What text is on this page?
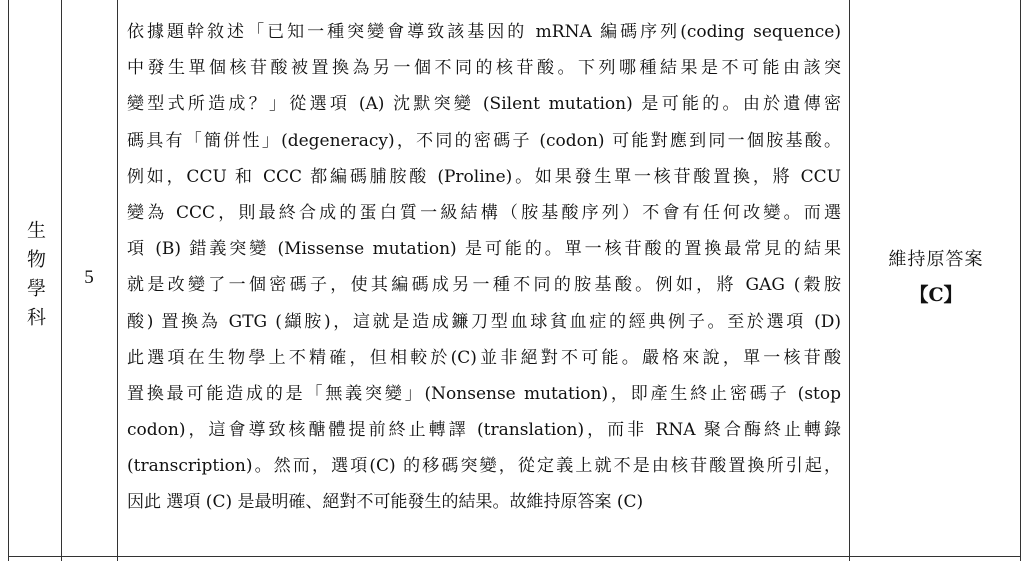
生物學科 5
依據題幹敘述「已知一種突變會導致該基因的 mRNA 編碼序列(coding sequence)
中發生單個核苷酸被置換為另一個不同的核苷酸。下列哪種結果是不可能由該突
變型式所造成？」從選項 (A) 沈默突變 (Silent mutation) 是可能的。由於遺傳密
碼具有「簡併性」(degeneracy)，不同的密碼子 (codon) 可能對應到同一個胺基酸。
例如，CCU 和 CCC 都編碼脯胺酸 (Proline)。如果發生單一核苷酸置換，將 CCU
變為 CCC，則最終合成的蛋白質一級結構（胺基酸序列）不會有任何改變。而選
項 (B) 錯義突變 (Missense mutation) 是可能的。單一核苷酸的置換最常見的結果
就是改變了一個密碼子，使其編碼成另一種不同的胺基酸。例如，將 GAG (穀胺
酸) 置換為 GTG (纈胺)，這就是造成鐮刀型血球貧血症的經典例子。至於選項 (D)
此選項在生物學上不精確，但相較於(C)並非絕對不可能。嚴格來說，單一核苷酸
置換最可能造成的是「無義突變」(Nonsense mutation)，即產生終止密碼子 (stop
codon)，這會導致核醣體提前終止轉譯 (translation)，而非 RNA 聚合酶終止轉錄
(transcription)。然而，選項(C) 的移碼突變，從定義上就不是由核苷酸置換所引起，
因此 選項 (C) 是最明確、絕對不可能發生的結果。故維持原答案 (C)
維持原答案
【C】
